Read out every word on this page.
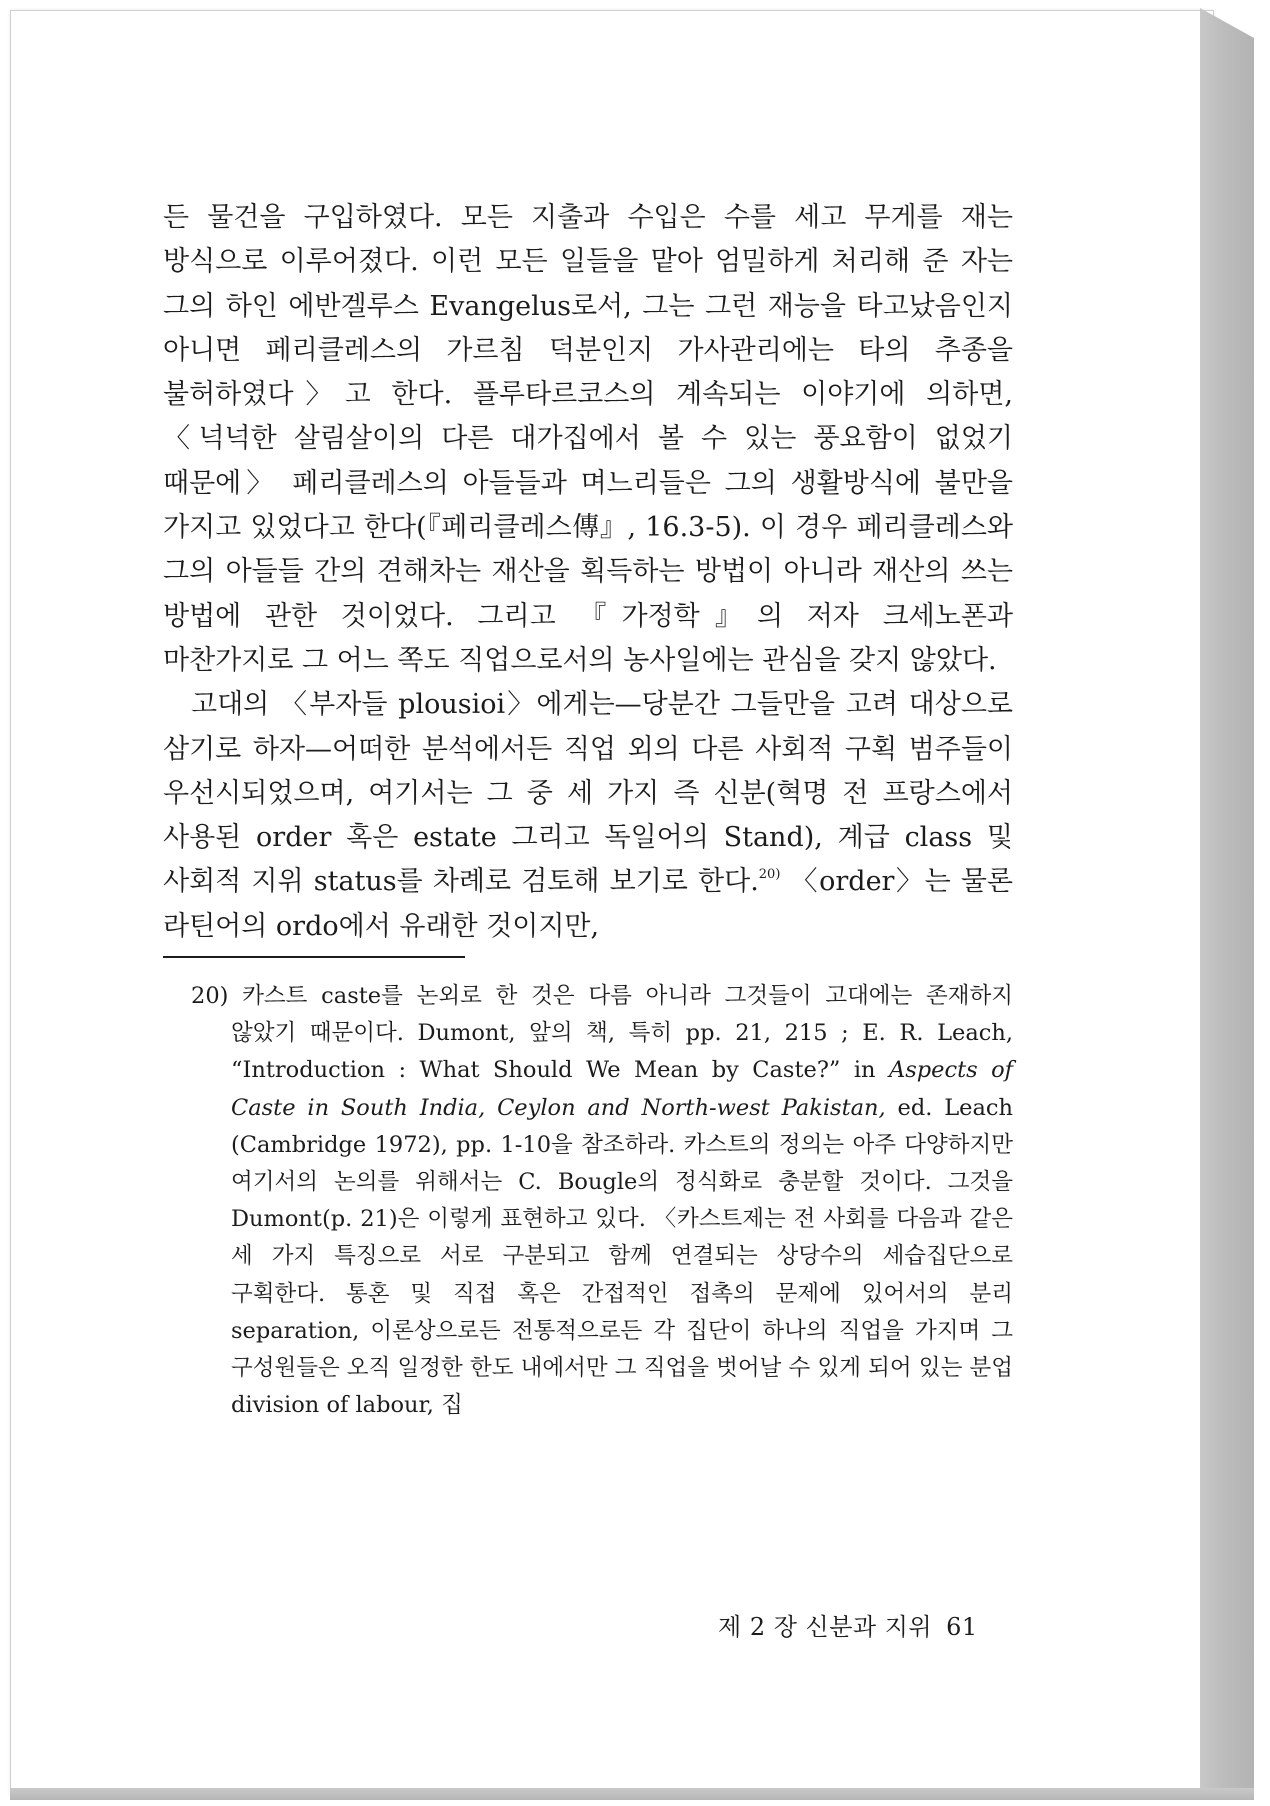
든 물건을 구입하였다. 모든 지출과 수입은 수를 세고 무게를 재는 방식으로 이루어졌다. 이런 모든 일들을 맡아 엄밀하게 처리해 준 자는 그의 하인 에반겔루스 Evangelus로서, 그는 그런 재능을 타고났음인지 아니면 페리클레스의 가르침 덕분인지 가사관리에는 타의 추종을 불허하였다〉고 한다. 플루타르코스의 계속되는 이야기에 의하면, 〈넉넉한 살림살이의 다른 대가집에서 볼 수 있는 풍요함이 없었기 때문에〉 페리클레스의 아들들과 며느리들은 그의 생활방식에 불만을 가지고 있었다고 한다(『페리클레스傳』, 16.3-5). 이 경우 페리클레스와 그의 아들들 간의 견해차는 재산을 획득하는 방법이 아니라 재산의 쓰는 방법에 관한 것이었다. 그리고 『가정학』의 저자 크세노폰과 마찬가지로 그 어느 쪽도 직업으로서의 농사일에는 관심을 갖지 않았다.

고대의 〈부자들 plousioi〉에게는—당분간 그들만을 고려 대상으로 삼기로 하자—어떠한 분석에서든 직업 외의 다른 사회적 구획 범주들이 우선시되었으며, 여기서는 그 중 세 가지 즉 신분(혁명 전 프랑스에서 사용된 order 혹은 estate 그리고 독일어의 Stand), 계급 class 및 사회적 지위 status를 차례로 검토해 보기로 한다.$^{20)}$ 〈order〉는 물론 라틴어의 ordo에서 유래한 것이지만,

20) 카스트 caste를 논외로 한 것은 다름 아니라 그것들이 고대에는 존재하지 않았기 때문이다. Dumont, 앞의 책, 특히 pp. 21, 215 ; E. R. Leach, “Introduction : What Should We Mean by Caste?” in Aspects of Caste in South India, Ceylon and North-west Pakistan, ed. Leach (Cambridge 1972), pp. 1-10을 참조하라. 카스트의 정의는 아주 다양하지만 여기서의 논의를 위해서는 C. Bougle의 정식화로 충분할 것이다. 그것을 Dumont(p. 21)은 이렇게 표현하고 있다. 〈카스트제는 전 사회를 다음과 같은 세 가지 특징으로 서로 구분되고 함께 연결되는 상당수의 세습집단으로 구획한다. 통혼 및 직접 혹은 간접적인 접촉의 문제에 있어서의 분리 separation, 이론상으로든 전통적으로든 각 집단이 하나의 직업을 가지며 그 구성원들은 오직 일정한 한도 내에서만 그 직업을 벗어날 수 있게 되어 있는 분업 division of labour, 집

제 2 장 신분과 지위 61
